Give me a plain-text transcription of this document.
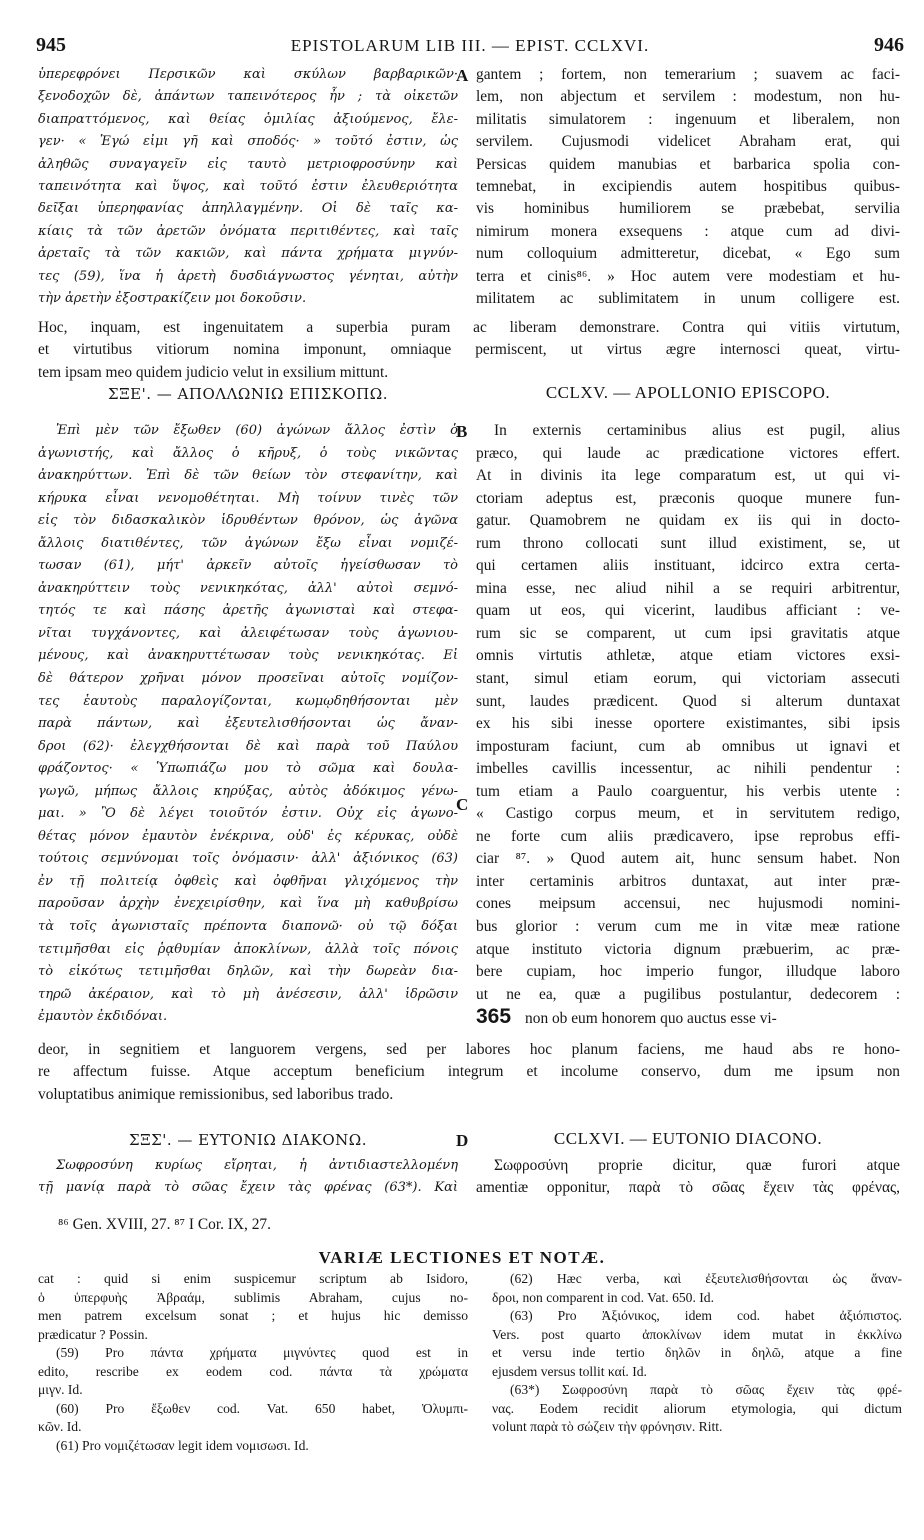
945	EPISTOLARUM LIB III. — EPIST. CCLXVI.	946
ὑπερεφρόνει Περσικῶν καὶ σκύλων βαρβαρικῶν·
ξενοδοχῶν δὲ, ἁπάντων ταπεινότερος ἦν ; τὰ οἰκετῶν
διαπραττόμενος, καὶ θείας ὁμιλίας ἀξιούμενος, ἔλε-
γεν· « Ἐγώ εἰμι γῆ καὶ σποδός· » τοῦτό ἐστιν, ὡς
ἀληθῶς συναγαγεῖν εἰς ταυτὸ μετριοφροσύνην καὶ
ταπεινότητα καὶ ὕψος, καὶ τοῦτό ἐστιν ἐλευθεριότητα
δεῖξαι ὑπερηφανίας ἀπηλλαγμένην. Οἱ δὲ ταῖς κα-
κίαις τὰ τῶν ἀρετῶν ὀνόματα περιτιθέντες, καὶ ταῖς
ἀρεταῖς τὰ τῶν κακιῶν, καὶ πάντα χρήματα μιγνύν-
τες (59), ἵνα ἡ ἀρετὴ δυσδιάγνωστος γένηται, αὐτὴν
τὴν ἀρετὴν ἐξοστρακίζειν μοι δοκοῦσιν.
gantem ; fortem, non temerarium ; suavem ac faci-
lem, non abjectum et servilem : modestum, non hu-
militatis simulatorem : ingenuum et liberalem, non
servilem. Cujusmodi videlicet Abraham erat, qui
Persicas quidem manubias et barbarica spolia con-
temnebat, in excipiendis autem hospitibus quibus-
vis hominibus humiliorem se præbebat, servilia
nimirum monera exsequens : atque cum ad divi-
num colloquium admitteretur, dicebat, « Ego sum
terra et cinis⁸⁶. » Hoc autem vere modestiam et hu-
militatem ac sublimitatem in unum colligere est.
A
Hoc, inquam, est ingenuitatem a superbia puram ac liberam demonstrare. Contra qui vitiis virtutum,
et virtutibus vitiorum nomina imponunt, omniaque permiscent, ut virtus ægre internosci queat, virtu-
tem ipsam meo quidem judicio velut in exsilium mittunt.
ΣΞΕ'. — ΑΠΟΛΛΩΝΙΩ ΕΠΙΣΚΟΠΩ.	CCLXV. — APOLLONIO EPISCOPO.
Ἐπὶ μὲν τῶν ἔξωθεν (60) ἀγώνων ἄλλος ἐστὶν ὁ
ἀγωνιστής, καὶ ἄλλος ὁ κῆρυξ, ὁ τοὺς νικῶντας
ἀνακηρύττων. Ἐπὶ δὲ τῶν θείων τὸν στεφανίτην, καὶ
κήρυκα εἶναι νενομοθέτηται. Μὴ τοίνυν τινὲς τῶν
εἰς τὸν διδασκαλικὸν ἱδρυθέντων θρόνον, ὡς ἀγῶνα
ἄλλοις διατιθέντες, τῶν ἀγώνων ἔξω εἶναι νομιζέ-
τωσαν (61), μήτ' ἀρκεῖν αὐτοῖς ἡγείσθωσαν τὸ
ἀνακηρύττειν τοὺς νενικηκότας, ἀλλ' αὐτοὶ σεμνό-
τητός τε καὶ πάσης ἀρετῆς ἀγωνισταὶ καὶ στεφα-
νῖται τυγχάνοντες, καὶ ἀλειφέτωσαν τοὺς ἀγωνιου-
μένους, καὶ ἀνακηρυττέτωσαν τοὺς νενικηκότας. Εἰ
δὲ θάτερον χρῆναι μόνον προσεῖναι αὐτοῖς νομίζον-
τες ἑαυτοὺς παραλογίζονται, κωμῳδηθήσονται μὲν
παρὰ πάντων, καὶ ἐξευτελισθήσονται ὡς ἄναν-
δροι (62)· ἐλεγχθήσονται δὲ καὶ παρὰ τοῦ Παύλου
φράζοντος· « Ὑπωπιάζω μου τὸ σῶμα καὶ δουλα-
γωγῶ, μήπως ἄλλοις κηρύξας, αὐτὸς ἀδόκιμος γένω-
μαι. » Ὃ δὲ λέγει τοιοῦτόν ἐστιν. Οὐχ εἰς ἀγωνο-
θέτας μόνον ἐμαυτὸν ἐνέκρινα, οὐδ' ἐς κέρυκας, οὐδὲ
τούτοις σεμνύνομαι τοῖς ὀνόμασιν· ἀλλ' ἀξιόνικος (63)
ἐν τῇ πολιτείᾳ ὀφθεὶς καὶ ὀφθῆναι γλιχόμενος τὴν
παροῦσαν ἀρχὴν ἐνεχειρίσθην, καὶ ἵνα μὴ καθυβρίσω
τὰ τοῖς ἀγωνισταῖς πρέποντα διαπονῶ· οὐ τῷ δόξαι
τετιμῆσθαι εἰς ῥᾳθυμίαν ἀποκλίνων, ἀλλὰ τοῖς πόνοις
τὸ εἰκότως τετιμῆσθαι δηλῶν, καὶ τὴν δωρεὰν δια-
τηρῶ ἀκέραιον, καὶ τὸ μὴ ἀνέσεσιν, ἀλλ' ἱδρῶσιν
ἐμαυτὸν ἐκδιδόναι.
In externis certaminibus alius est pugil, alius
præco, qui laude ac prædicatione victores effert.
At in divinis ita lege comparatum est, ut qui vi-
ctoriam adeptus est, præconis quoque munere fun-
gatur. Quamobrem ne quidam ex iis qui in docto-
rum throno collocati sunt illud existiment, se, ut
qui certamen aliis instituant, idcirco extra certa-
mina esse, nec aliud nihil a se requiri arbitrentur,
quam ut eos, qui vicerint, laudibus afficiant : ve-
rum sic se comparent, ut cum ipsi gravitatis atque
omnis virtutis athletæ, atque etiam victores exsi-
stant, simul etiam eorum, qui victoriam assecuti
sunt, laudes prædicent. Quod si alterum duntaxat
ex his sibi inesse oportere existimantes, sibi ipsis
imposturam faciunt, cum ab omnibus ut ignavi et
imbelles cavillis incessentur, ac nihili pendentur :
tum etiam a Paulo coarguentur, his verbis utente :
« Castigo corpus meum, et in servitutem redigo,
ne forte cum aliis prædicavero, ipse reprobus effi-
ciar ⁸⁷. » Quod autem ait, hunc sensum habet. Non
inter certaminis arbitros duntaxat, aut inter præ-
cones meipsum accensui, nec hujusmodi nomini-
bus glorior : verum cum me in vitæ meæ ratione
atque instituto victoria dignum præbuerim, ac præ-
bere cupiam, hoc imperio fungor, illudque laboro
ut ne ea, quæ a pugilibus postulantur, dedecorem :
B
C
365 non ob eum honorem quo auctus esse vi-
deor, in segnitiem et languorem vergens, sed per labores hoc planum faciens, me haud abs re hono-
re affectum fuisse. Atque acceptum beneficium integrum et incolume conservo, dum me ipsum non
voluptatibus animique remissionibus, sed laboribus trado.
ΣΞΣ'. — ΕΥΤΟΝΙΩ ΔΙΑΚΟΝΩ.	CCLXVI. — EUTONIO DIACONO.
D
Σωφροσύνη κυρίως εἴρηται, ἡ ἀντιδιαστελλομένη
τῇ μανίᾳ παρὰ τὸ σῶας ἔχειν τὰς φρένας (63*). Καὶ
Σωφροσύνη proprie dicitur, quæ furori atque
amentiæ opponitur, παρὰ τὸ σῶας ἔχειν τὰς φρένας,
⁸⁶ Gen. XVIII, 27. ⁸⁷ I Cor. IX, 27.
VARIÆ LECTIONES ET NOTÆ.
cat : quid si enim suspicemur scriptum ab Isidoro,
ὁ ὑπερφυὴς Ἀβραάμ, sublimis Abraham, cujus no-
men patrem excelsum sonat ; et hujus hic demisso
prædicatur ? Possin.
(59) Pro πάντα χρήματα μιγνύντες quod est in
edito, rescribe ex eodem cod. πάντα τὰ χρώματα
μιγν. Id.
(60) Pro ἔξωθεν cod. Vat. 650 habet, Ὀλυμπι-
κῶν. Id.
(61) Pro νομιζέτωσαν legit idem νομισωσι. Id.
(62) Hæc verba, καὶ ἐξευτελισθήσονται ὡς ἄναν-
δροι, non comparent in cod. Vat. 650. Id.
(63) Pro Ἀξιόνικος, idem cod. habet ἀξιόπιστος.
Vers. post quarto ἀποκλίνων idem mutat in ἐκκλίνω
et versu inde tertio δηλῶν in δηλῶ, atque a fine
ejusdem versus tollit καί. Id.
(63*) Σωφροσύνη παρὰ τὸ σῶας ἔχειν τὰς φρέ-
νας. Eodem recidit aliorum etymologia, qui dictum
volunt παρὰ τὸ σώζειν τὴν φρόνησιν. Ritt.
